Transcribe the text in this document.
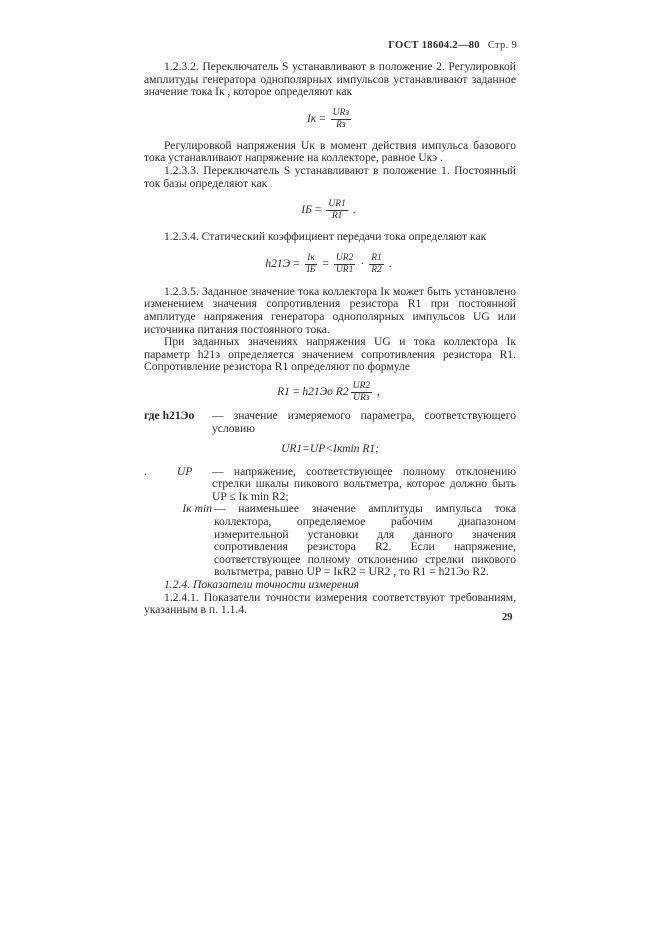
ГОСТ 18604.2—80 Стр. 9

1.2.3.2. Переключатель S устанавливают в положение 2. Регулировкой амплитуды генератора однополярных импульсов устанавливают заданное значение тока Iк , которое определяют как

Iк = $\frac{\text{URз}}{Rз}$

Регулировкой напряжения Uк в момент действия импульса базового тока устанавливают напряжение на коллекторе, равное Uкэ .

1.2.3.3. Переключатель S устанавливают в положение 1. Постоянный ток базы определяют как

IБ = $\frac{UR1}{R1}$ .

1.2.3.4. Статический коэффициент передачи тока определяют как

$h21Э = \frac{Iк}{IБ} = \frac{UR2}{UR1} \cdot \frac{R1}{R2}$ .

1.2.3.5. Заданное значение тока коллектора Iк может быть установлено изменением значения сопротивления резистора R1 при постоянной амплитуде напряжения генератора однополярных импульсов UG или источника питания постоянного тока.

При заданных значениях напряжения UG и тока коллектора Iк параметр h21э определяется значением сопротивления резистора R1. Сопротивление резистора R1 определяют по формуле

R1 = h21Эо $R2 \frac{UR2}{\text{URз}}$ ,
где h21Эо	— значение измеряемого параметра, соответствующего условию
UR1=UP<Iкmin R1;
.	UP	— напряжение, соответствующее полному отклонению стрелки шкалы пикового вольтметра, которое должно быть UP ≤ Iк min R2;
Iк min — наименьшее значение амплитуды импульса тока коллектора, определяемое рабочим диапазоном измерительной установки для данного значения сопротивления резистора R2. Если напряжение, соответствующее полному отклонению стрелки пикового вольтметра, равно UP = IкR2 = UR2 , то R1 = h21Эо R2.

1.2.4. Показатели точности измерения

1.2.4.1. Показатели точности измерения соответствуют требованиям, указанным в п. 1.1.4.

29
